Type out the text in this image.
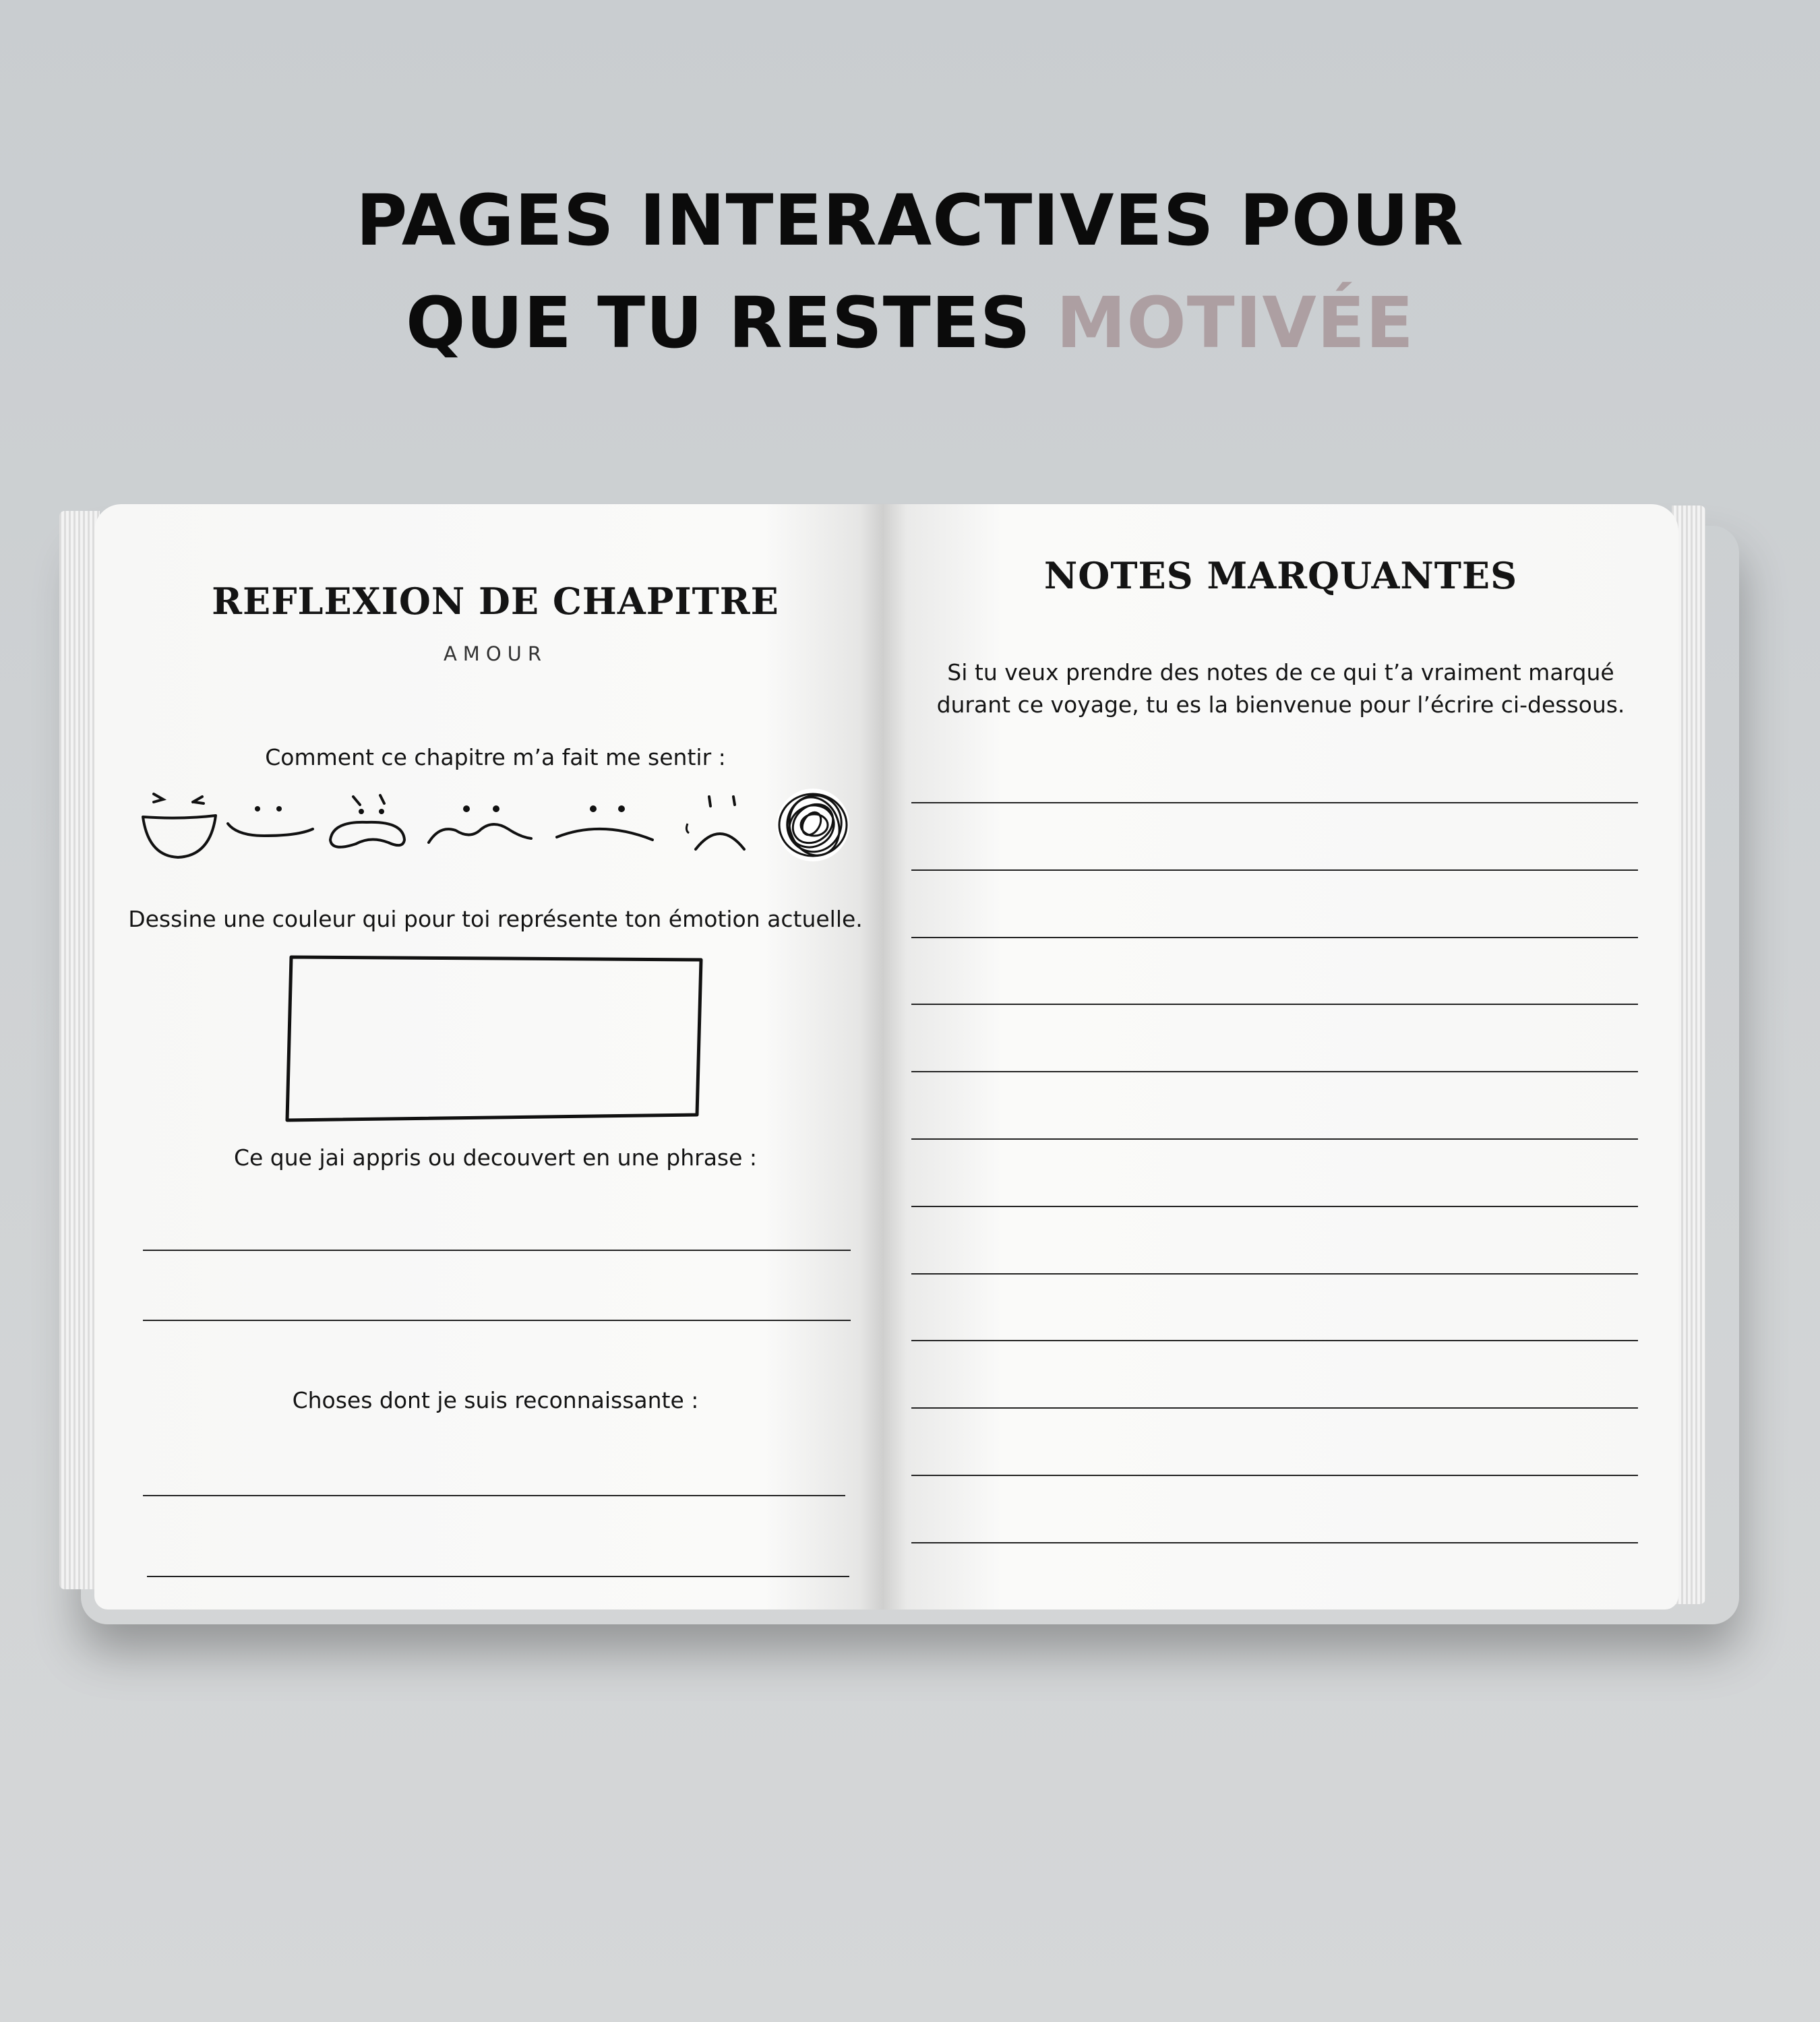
PAGES INTERACTIVES POUR
QUE TU RESTES MOTIVÉE
REFLEXION DE CHAPITRE
AMOUR

Comment ce chapitre m’a fait me sentir :

Dessine une couleur qui pour toi représente ton émotion actuelle.

Ce que jai appris ou decouvert en une phrase :

Choses dont je suis reconnaissante :

NOTES MARQUANTES

Si tu veux prendre des notes de ce qui t’a vraiment marqué
durant ce voyage, tu es la bienvenue pour l’écrire ci-dessous.
